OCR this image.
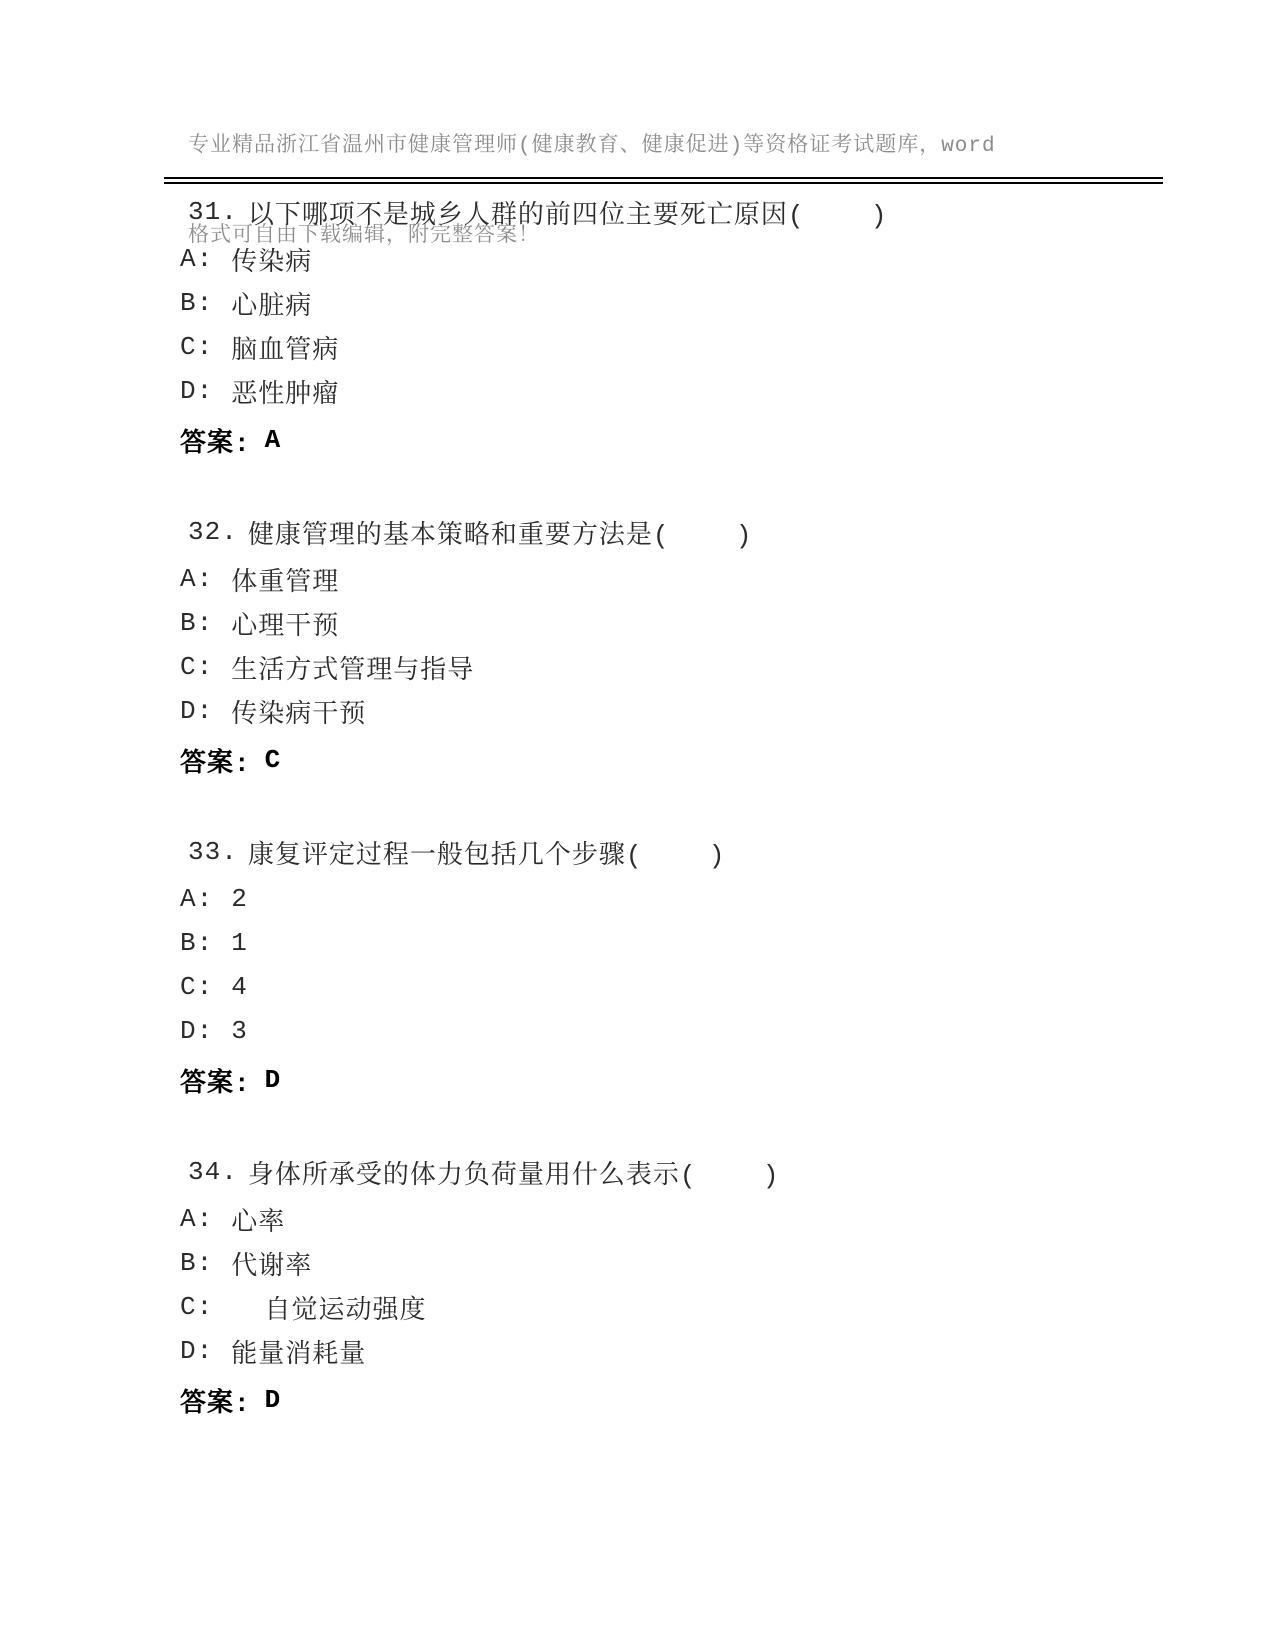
专业精品浙江省温州市健康管理师(健康教育、健康促进)等资格证考试题库，word

格式可自由下载编辑，附完整答案！

31. 以下哪项不是城乡人群的前四位主要死亡原因(    )
A: 传染病
B: 心脏病
C: 脑血管病
D: 恶性肿瘤
答案: A
32. 健康管理的基本策略和重要方法是(    )
A: 体重管理
B: 心理干预
C: 生活方式管理与指导
D: 传染病干预
答案: C
33. 康复评定过程一般包括几个步骤(    )
A: 2
B: 1
C: 4
D: 3
答案: D
34. 身体所承受的体力负荷量用什么表示(    )
A: 心率
B: 代谢率
C: 自觉运动强度
D: 能量消耗量
答案: D
